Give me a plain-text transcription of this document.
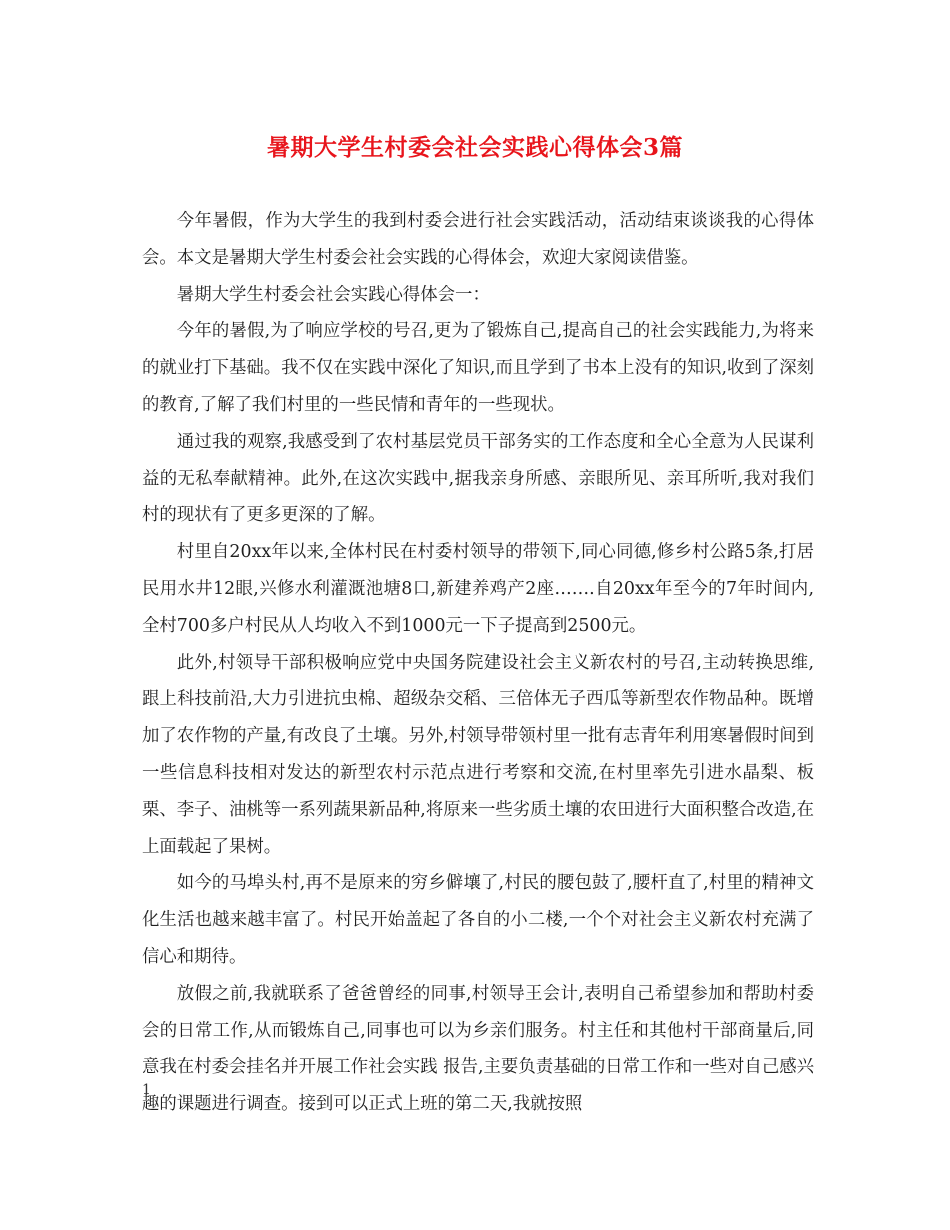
暑期大学生村委会社会实践心得体会3篇

今年暑假，作为大学生的我到村委会进行社会实践活动，活动结束谈谈我的心得体会。本文是暑期大学生村委会社会实践的心得体会，欢迎大家阅读借鉴。

暑期大学生村委会社会实践心得体会一：

今年的暑假,为了响应学校的号召,更为了锻炼自己,提高自己的社会实践能力,为将来的就业打下基础。我不仅在实践中深化了知识,而且学到了书本上没有的知识,收到了深刻的教育,了解了我们村里的一些民情和青年的一些现状。

通过我的观察,我感受到了农村基层党员干部务实的工作态度和全心全意为人民谋利益的无私奉献精神。此外,在这次实践中,据我亲身所感、亲眼所见、亲耳所听,我对我们村的现状有了更多更深的了解。

村里自20xx年以来,全体村民在村委村领导的带领下,同心同德,修乡村公路5条,打居民用水井12眼,兴修水利灌溉池塘8口,新建养鸡产2座…….自20xx年至今的7年时间内,全村700多户村民从人均收入不到1000元一下子提高到2500元。

此外,村领导干部积极响应党中央国务院建设社会主义新农村的号召,主动转换思维,跟上科技前沿,大力引进抗虫棉、超级杂交稻、三倍体无子西瓜等新型农作物品种。既增加了农作物的产量,有改良了土壤。另外,村领导带领村里一批有志青年利用寒暑假时间到一些信息科技相对发达的新型农村示范点进行考察和交流,在村里率先引进水晶梨、板栗、李子、油桃等一系列蔬果新品种,将原来一些劣质土壤的农田进行大面积整合改造,在上面载起了果树。

如今的马埠头村,再不是原来的穷乡僻壤了,村民的腰包鼓了,腰杆直了,村里的精神文化生活也越来越丰富了。村民开始盖起了各自的小二楼,一个个对社会主义新农村充满了信心和期待。

放假之前,我就联系了爸爸曾经的同事,村领导王会计,表明自己希望参加和帮助村委会的日常工作,从而锻炼自己,同事也可以为乡亲们服务。村主任和其他村干部商量后,同意我在村委会挂名并开展工作社会实践 报告,主要负责基础的日常工作和一些对自己感兴趣的课题进行调查。接到可以正式上班的第二天,我就按照

1
